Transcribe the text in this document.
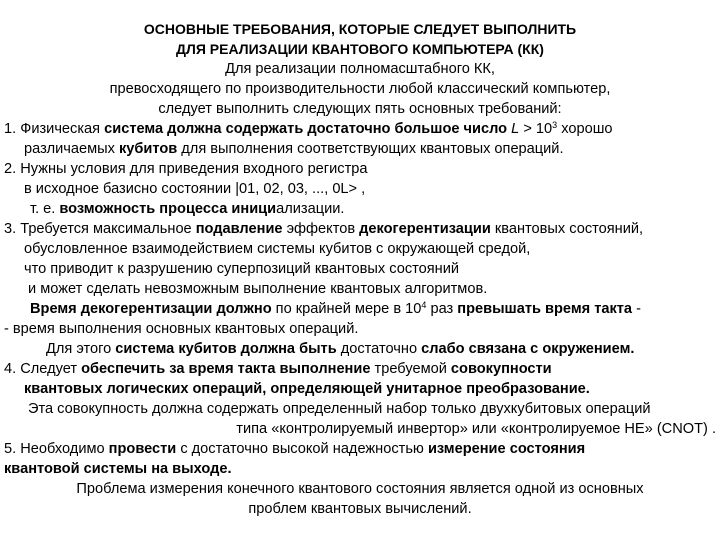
ОСНОВНЫЕ ТРЕБОВАНИЯ, КОТОРЫЕ СЛЕДУЕТ ВЫПОЛНИТЬ
ДЛЯ РЕАЛИЗАЦИИ КВАНТОВОГО КОМПЬЮТЕРА (КК)
Для реализации полномасштабного КК,
превосходящего по производительности любой классический компьютер,
следует выполнить следующих пять основных требований:
1. Физическая система должна содержать достаточно большое число $L > 10^3$ хорошо
различаемых кубитов для выполнения соответствующих квантовых операций.
2. Нужны условия для приведения входного регистра
в исходное базисно состоянии |01, 02, 03, ..., 0L> ,
т. е. возможность процесса инициализации.
3. Требуется максимальное подавление эффектов декогерентизации квантовых состояний,
обусловленное взаимодействием системы кубитов с окружающей средой,
что приводит к разрушению суперпозиций квантовых состояний
и может сделать невозможным выполнение квантовых алгоритмов.
Время декогерентизации должно по крайней мере в $10^4$ раз превышать время такта -
- время выполнения основных квантовых операций.
Для этого система кубитов должна быть достаточно слабо связана с окружением.
4. Следует обеспечить за время такта выполнение требуемой совокупности
квантовых логических операций, определяющей унитарное преобразование.
Эта совокупность должна содержать определенный набор только двухкубитовых операций
типа «контролируемый инвертор» или «контролируемое НЕ» (CNOT) .
5. Необходимо провести с достаточно высокой надежностью измерение состояния
квантовой системы на выходе.
Проблема измерения конечного квантового состояния является одной из основных
проблем квантовых вычислений.
